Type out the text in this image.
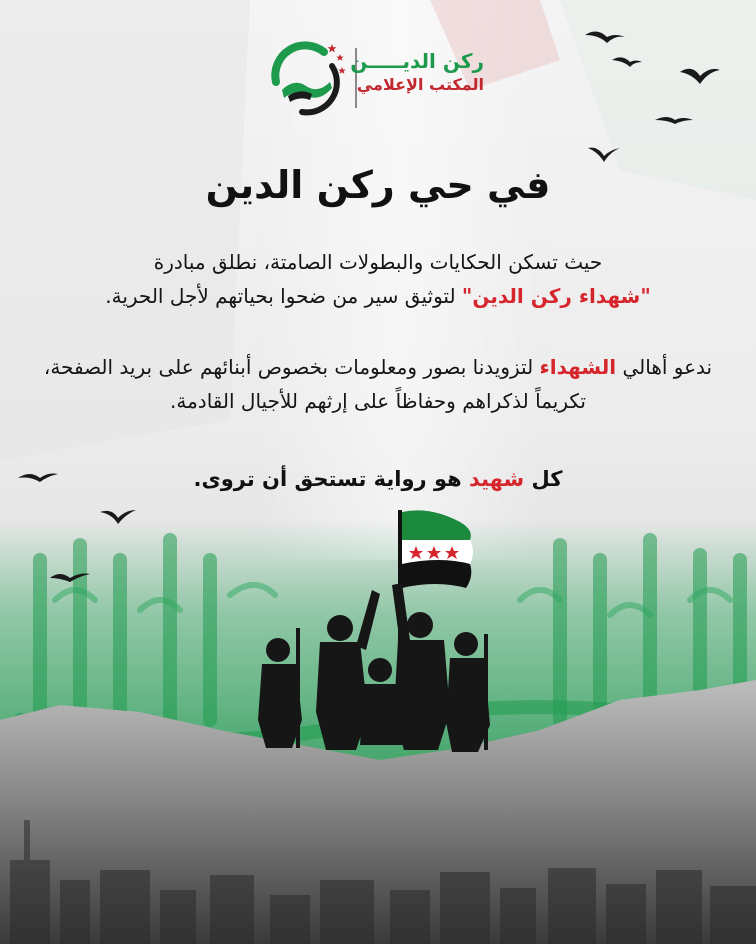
ركن الديـــــن
المكتب الإعلامي
في حي ركن الدين

حيث تسكن الحكايات والبطولات الصامتة، نطلق مبادرة
"شهداء ركن الدين" لتوثيق سير من ضحوا بحياتهم لأجل الحرية.

ندعو أهالي الشهداء لتزويدنا بصور ومعلومات بخصوص أبنائهم على بريد الصفحة، تكريماً لذكراهم وحفاظاً على إرثهم للأجيال القادمة.

كل شهيد هو رواية تستحق أن تروى.
